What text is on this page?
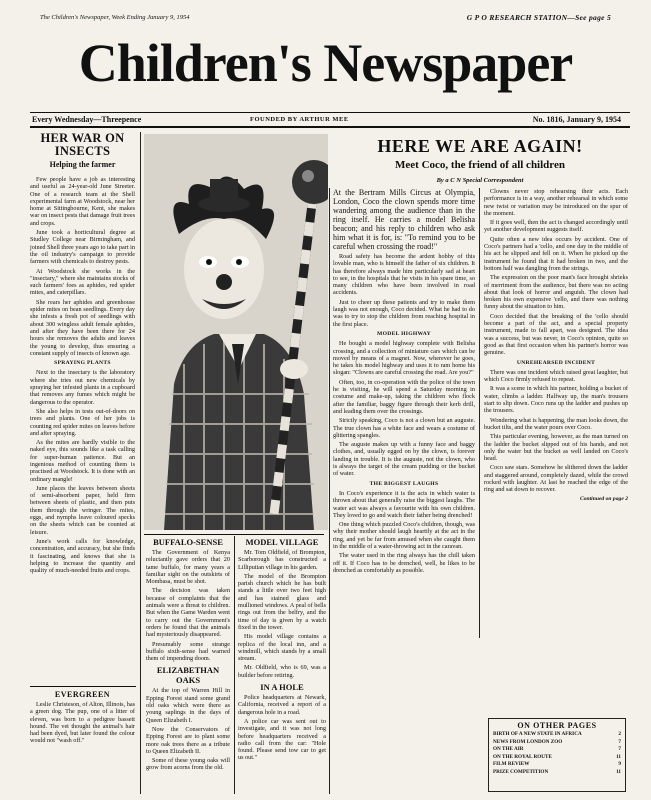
The Children's Newspaper, Week Ending January 9, 1954	G P O RESEARCH STATION—See page 5
Children's Newspaper
Every Wednesday—Threepence	FOUNDED BY ARTHUR MEE	No. 1816, January 9, 1954
HER WAR ON INSECTS
Helping the farmer

Few people have a job as interesting and useful as 24-year-old June Streeter. One of a research team at the Shell experimental farm at Woodstock, near her home at Sittingbourne, Kent, she makes war on insect pests that damage fruit trees and crops.

June took a horticultural degree at Studley College near Birmingham, and joined Shell three years ago to take part in the oil industry's campaign to provide farmers with chemicals to destroy pests.

At Woodstock she works in the "insectary," where she maintains stocks of such farmers' foes as aphides, red spider mites, and caterpillars.

She rears her aphides and greenhouse spider mites on bean seedlings. Every day she infests a fresh pot of seedlings with about 300 wingless adult female aphides, and after they have been there for 24 hours she removes the adults and leaves the young to develop, thus ensuring a constant supply of insects of known age.

SPRAYING PLANTS

Next to the insectary is the laboratory where she tries out new chemicals by spraying her infested plants in a cupboard that removes any fumes which might be dangerous to the operator.

She also helps in tests out-of-doors on trees and plants. One of her jobs is counting red spider mites on leaves before and after spraying.

As the mites are hardly visible to the naked eye, this sounds like a task calling for super-human patience. But an ingenious method of counting them is practised at Woodstock. It is done with an ordinary mangle!

June places the leaves between sheets of semi-absorbent paper, held firm between sheets of plastic, and then puts them through the wringer. The mites, eggs, and nymphs leave coloured specks on the sheets which can be counted at leisure.

June's work calls for knowledge, concentration, and accuracy, but she finds it fascinating, and knows that she is helping to increase the quantity and quality of much-needed fruits and crops.

EVERGREEN

Leslie Christeson, of Alton, Illinois, has a green dog. The pup, one of a litter of eleven, was born to a pedigree bassett hound. The vet thought the animal's hair had been dyed, but later found the colour would not "wash off."

HERE WE ARE AGAIN!
Meet Coco, the friend of all children
By a C N Special Correspondent

At the Bertram Mills Circus at Olympia, London, Coco the clown spends more time wandering among the audience than in the ring itself. He carries a model Belisha beacon; and his reply to children who ask him what it is for, is: "To remind you to be careful when crossing the road!"

Road safety has become the ardent hobby of this lovable man, who is himself the father of six children. It has therefore always made him particularly sad at heart to see, in the hospitals that he visits in his spare time, so many children who have been involved in road accidents.

Just to cheer up these patients and try to make them laugh was not enough, Coco decided. What he had to do was to try to stop the children from reaching hospital in the first place.

MODEL HIGHWAY

He bought a model highway complete with Belisha crossing, and a collection of miniature cars which can be moved by means of a magnet. Now, wherever he goes, he takes his model highway and uses it to ram home his slogan: "Clowns are careful crossing the road. Are you?"

Often, too, in co-operation with the police of the town he is visiting, he will spend a Saturday morning in costume and make-up, taking the children who flock after the familiar, baggy figure through their kerb drill, and leading them over the crossings.

Strictly speaking, Coco is not a clown but an auguste. The true clown has a white face and wears a costume of glittering spangles.

The auguste makes up with a funny face and baggy clothes, and, usually egged on by the clown, is forever landing in trouble. It is the auguste, not the clown, who is always the target of the cream pudding or the bucket of water.

THE BIGGEST LAUGHS

In Coco's experience it is the acts in which water is thrown about that generally raise the biggest laughs. The water act was always a favourite with his own children. They loved to go and watch their father being drenched!

One thing which puzzled Coco's children, though, was why their mother should laugh heartily at the act in the ring, and yet be far from amused when she caught them in the middle of a water-throwing act in the caravan.

The water used in the ring always has the chill taken off it. If Coco has to be drenched, well, he likes to be drenched as comfortably as possible.

Clowns never stop rehearsing their acts. Each performance is in a way, another rehearsal in which some new twist or variation may be introduced on the spur of the moment.

If it goes well, then the act is changed accordingly until yet another development suggests itself.

Quite often a new idea occurs by accident. One of Coco's partners had a 'cello, and one day in the middle of his act he slipped and fell on it. When he picked up the instrument he found that it had broken in two, and the bottom half was dangling from the strings.

The expression on the poor man's face brought shrieks of merriment from the audience, but there was no acting about that look of horror and anguish. The clown had broken his own expensive 'cello, and there was nothing funny about the situation to him.

Coco decided that the breaking of the 'cello should become a part of the act, and a special property instrument, made to fall apart, was designed. The idea was a success, but was never, in Coco's opinion, quite so good as that first occasion when his partner's horror was genuine.

UNREHEARSED INCIDENT

There was one incident which raised great laughter, but which Coco firmly refused to repeat.

It was a scene in which his partner, holding a bucket of water, climbs a ladder. Halfway up, the man's trousers start to slip down. Coco runs up the ladder and pushes up the trousers.

Wondering what is happening, the man looks down, the bucket tilts, and the water pours over Coco.

This particular evening, however, as the man turned on the ladder the bucket slipped out of his hands, and not only the water but the bucket as well landed on Coco's head.

Coco saw stars. Somehow he slithered down the ladder and staggered around, completely dazed, while the crowd rocked with laughter. At last he reached the edge of the ring and sat down to recover.

Continued on page 2
BUFFALO-SENSE

The Government of Kenya reluctantly gave orders that 20 tame buffalo, for many years a familiar sight on the outskirts of Mombasa, must be shot.

The decision was taken because of complaints that the animals were a threat to children. But when the Game Warden went to carry out the Government's orders he found that the animals had mysteriously disappeared.

Presumably some strange buffalo sixth-sense had warned them of impending doom.

ELIZABETHAN OAKS

At the top of Warren Hill in Epping Forest stand some grand old oaks which were there as young saplings in the days of Queen Elizabeth I.

Now the Conservators of Epping Forest are to plant some more oak trees there as a tribute to Queen Elizabeth II.

Some of these young oaks will grow from acorns from the old.

MODEL VILLAGE

Mr. Tom Oldfield, of Brompton, Scarborough has constructed a Lilliputian village in his garden.

The model of the Brompton parish church which he has built stands a little over two feet high and has stained glass and mullioned windows. A peal of bells rings out from the belfry, and the time of day is given by a watch fixed in the tower.

His model village contains a replica of the local inn, and a windmill, which stands by a small stream.

Mr. Oldfield, who is 69, was a builder before retiring.

IN A HOLE

Police headquarters at Newark, California, received a report of a dangerous hole in a road.

A police car was sent out to investigate, and it was not long before headquarters received a radio call from the car: "Hole found. Please send tow car to get us out."

ON OTHER PAGES
BIRTH OF A NEW STATE IN AFRICA	2
NEWS FROM LONDON ZOO	7
ON THE AIR	7
ON THE ROYAL ROUTE	11
FILM REVIEW	9
PRIZE COMPETITION	11
